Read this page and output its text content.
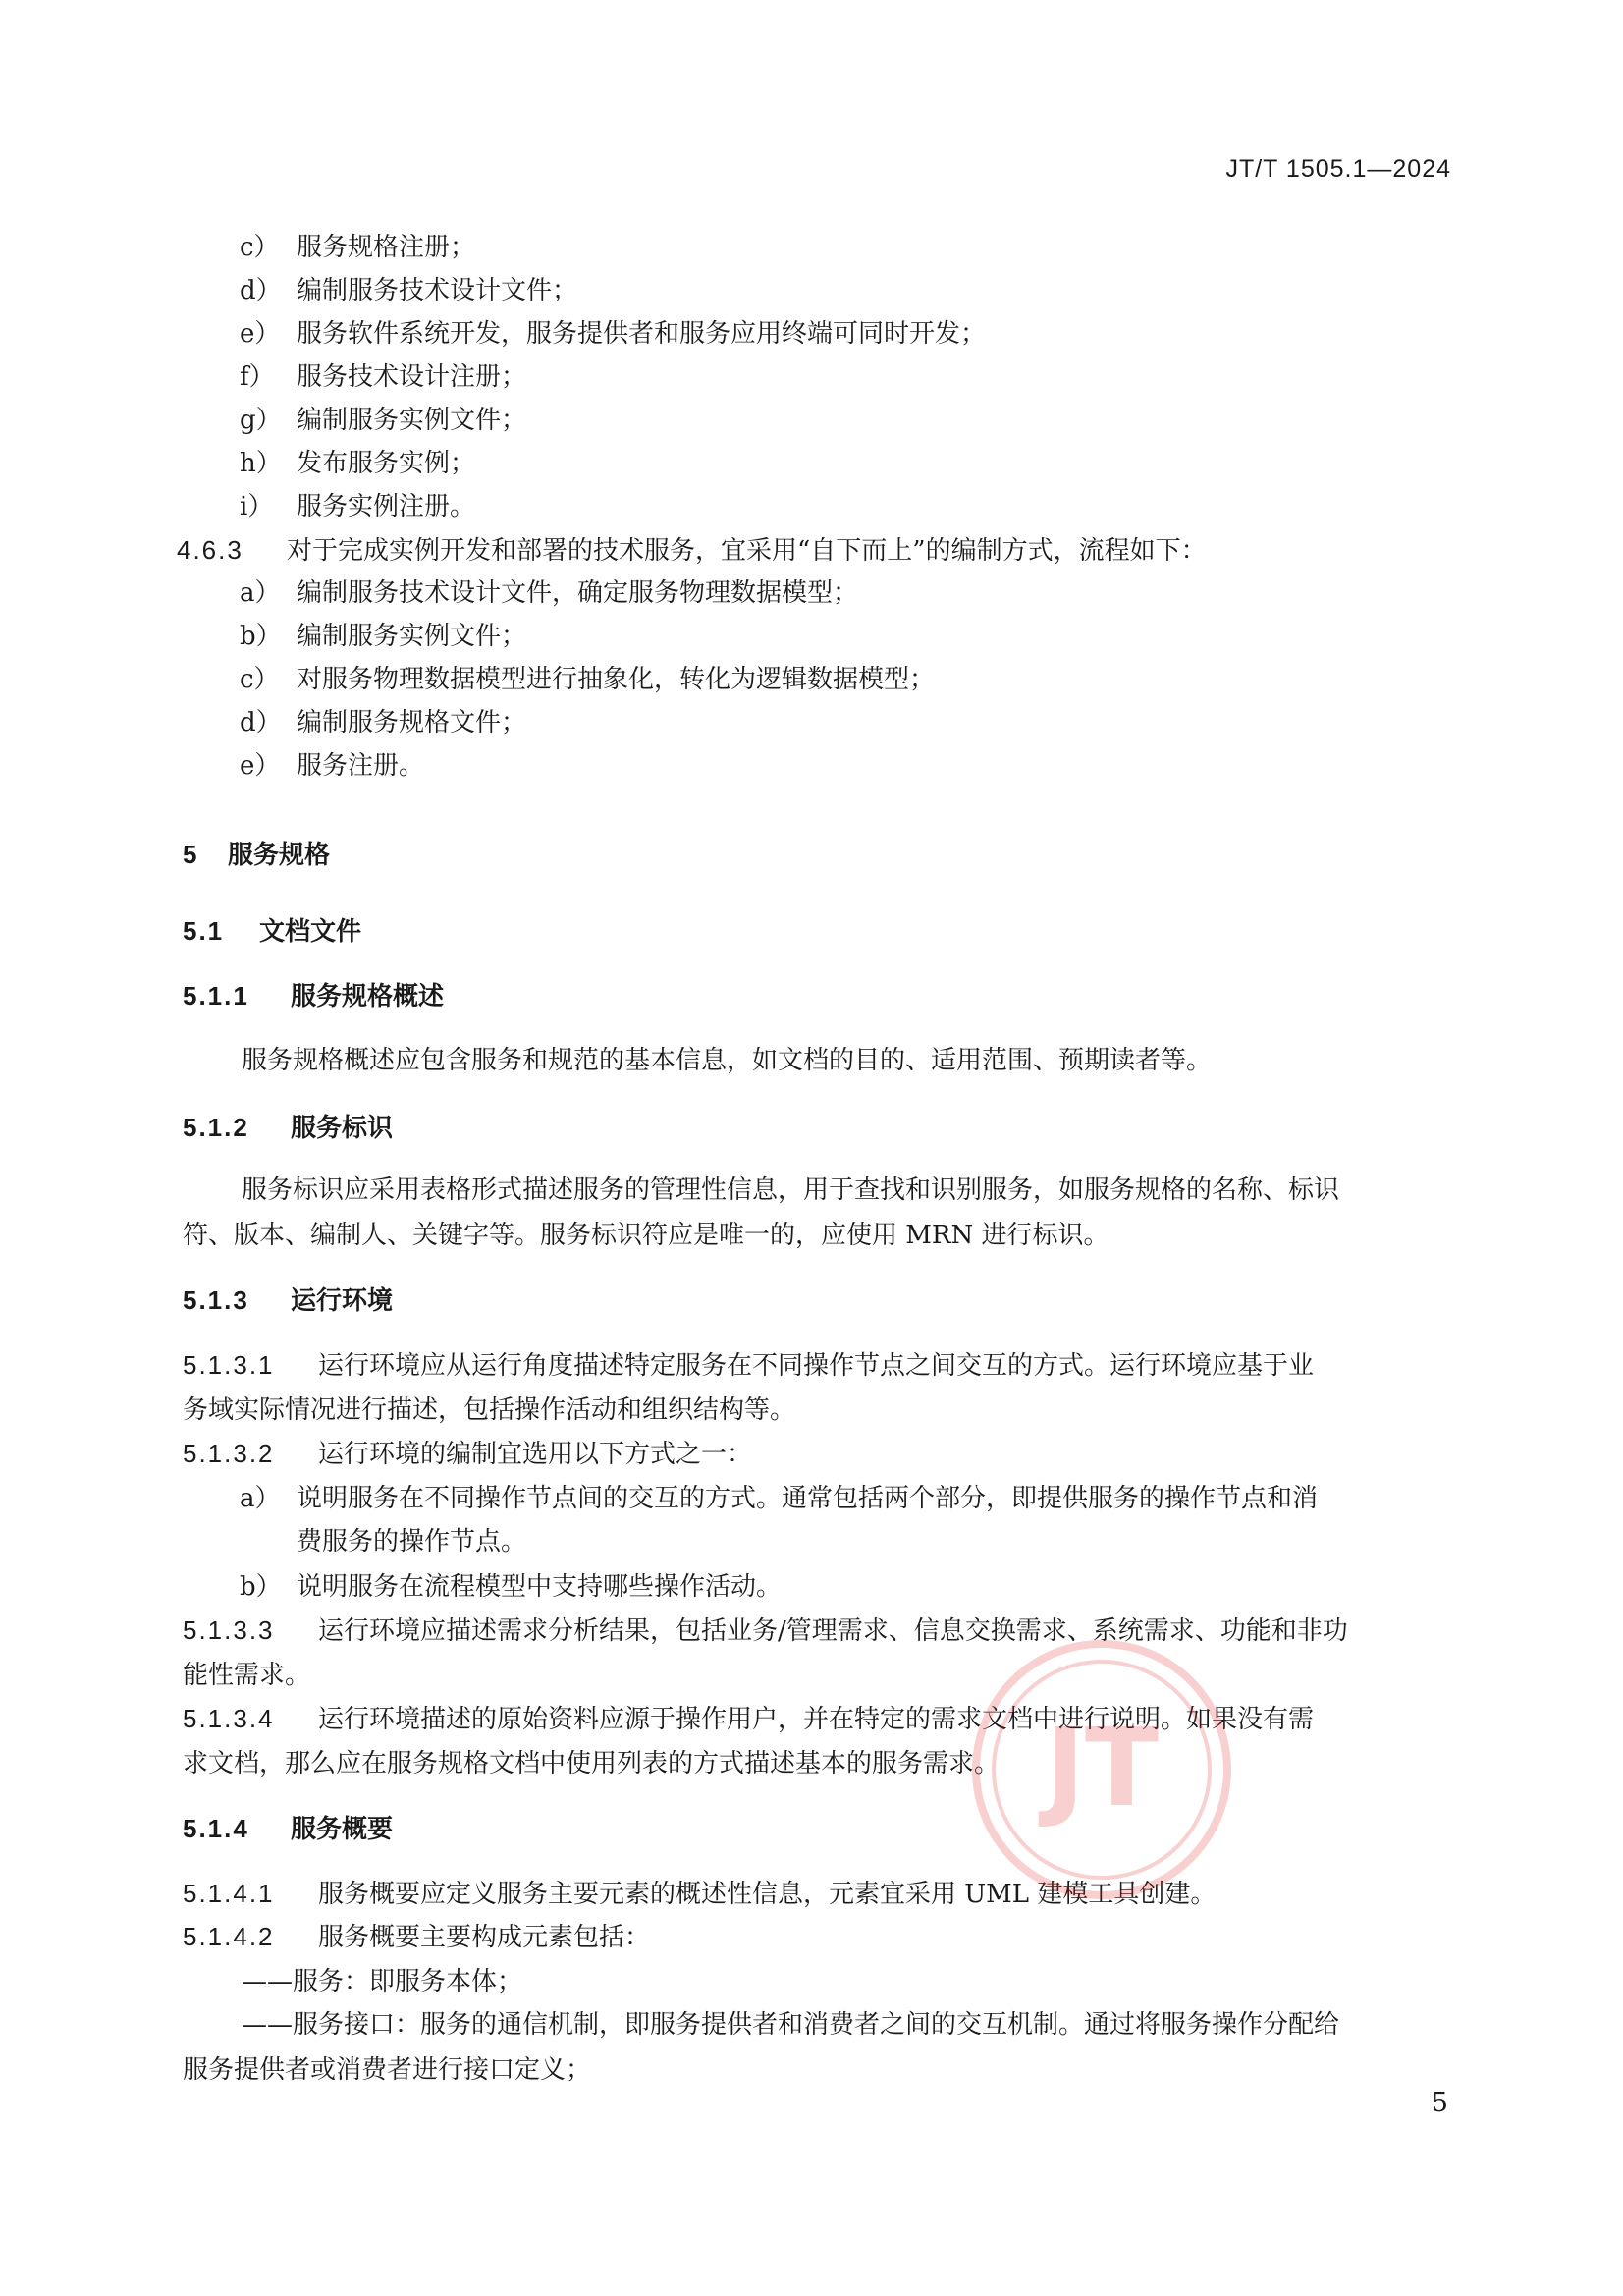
JT/T 1505.1—2024
c） 服务规格注册；
d） 编制服务技术设计文件；
e） 服务软件系统开发，服务提供者和服务应用终端可同时开发；
f） 服务技术设计注册；
g） 编制服务实例文件；
h） 发布服务实例；
i） 服务实例注册。
4.6.3 对于完成实例开发和部署的技术服务，宜采用“自下而上”的编制方式，流程如下：
a） 编制服务技术设计文件，确定服务物理数据模型；
b） 编制服务实例文件；
c） 对服务物理数据模型进行抽象化，转化为逻辑数据模型；
d） 编制服务规格文件；
e） 服务注册。
5 服务规格
5.1 文档文件
5.1.1 服务规格概述
服务规格概述应包含服务和规范的基本信息，如文档的目的、适用范围、预期读者等。
5.1.2 服务标识
服务标识应采用表格形式描述服务的管理性信息，用于查找和识别服务，如服务规格的名称、标识
符、版本、编制人、关键字等。服务标识符应是唯一的，应使用 MRN 进行标识。
5.1.3 运行环境
5.1.3.1 运行环境应从运行角度描述特定服务在不同操作节点之间交互的方式。运行环境应基于业
务域实际情况进行描述，包括操作活动和组织结构等。
5.1.3.2 运行环境的编制宜选用以下方式之一：
a） 说明服务在不同操作节点间的交互的方式。通常包括两个部分，即提供服务的操作节点和消
费服务的操作节点。
b） 说明服务在流程模型中支持哪些操作活动。
5.1.3.3 运行环境应描述需求分析结果，包括业务/管理需求、信息交换需求、系统需求、功能和非功
能性需求。
5.1.3.4 运行环境描述的原始资料应源于操作用户，并在特定的需求文档中进行说明。如果没有需
求文档，那么应在服务规格文档中使用列表的方式描述基本的服务需求。
5.1.4 服务概要
5.1.4.1 服务概要应定义服务主要元素的概述性信息，元素宜采用 UML 建模工具创建。
5.1.4.2 服务概要主要构成元素包括：
——服务：即服务本体；
——服务接口：服务的通信机制，即服务提供者和消费者之间的交互机制。通过将服务操作分配给
服务提供者或消费者进行接口定义；
JT
5
